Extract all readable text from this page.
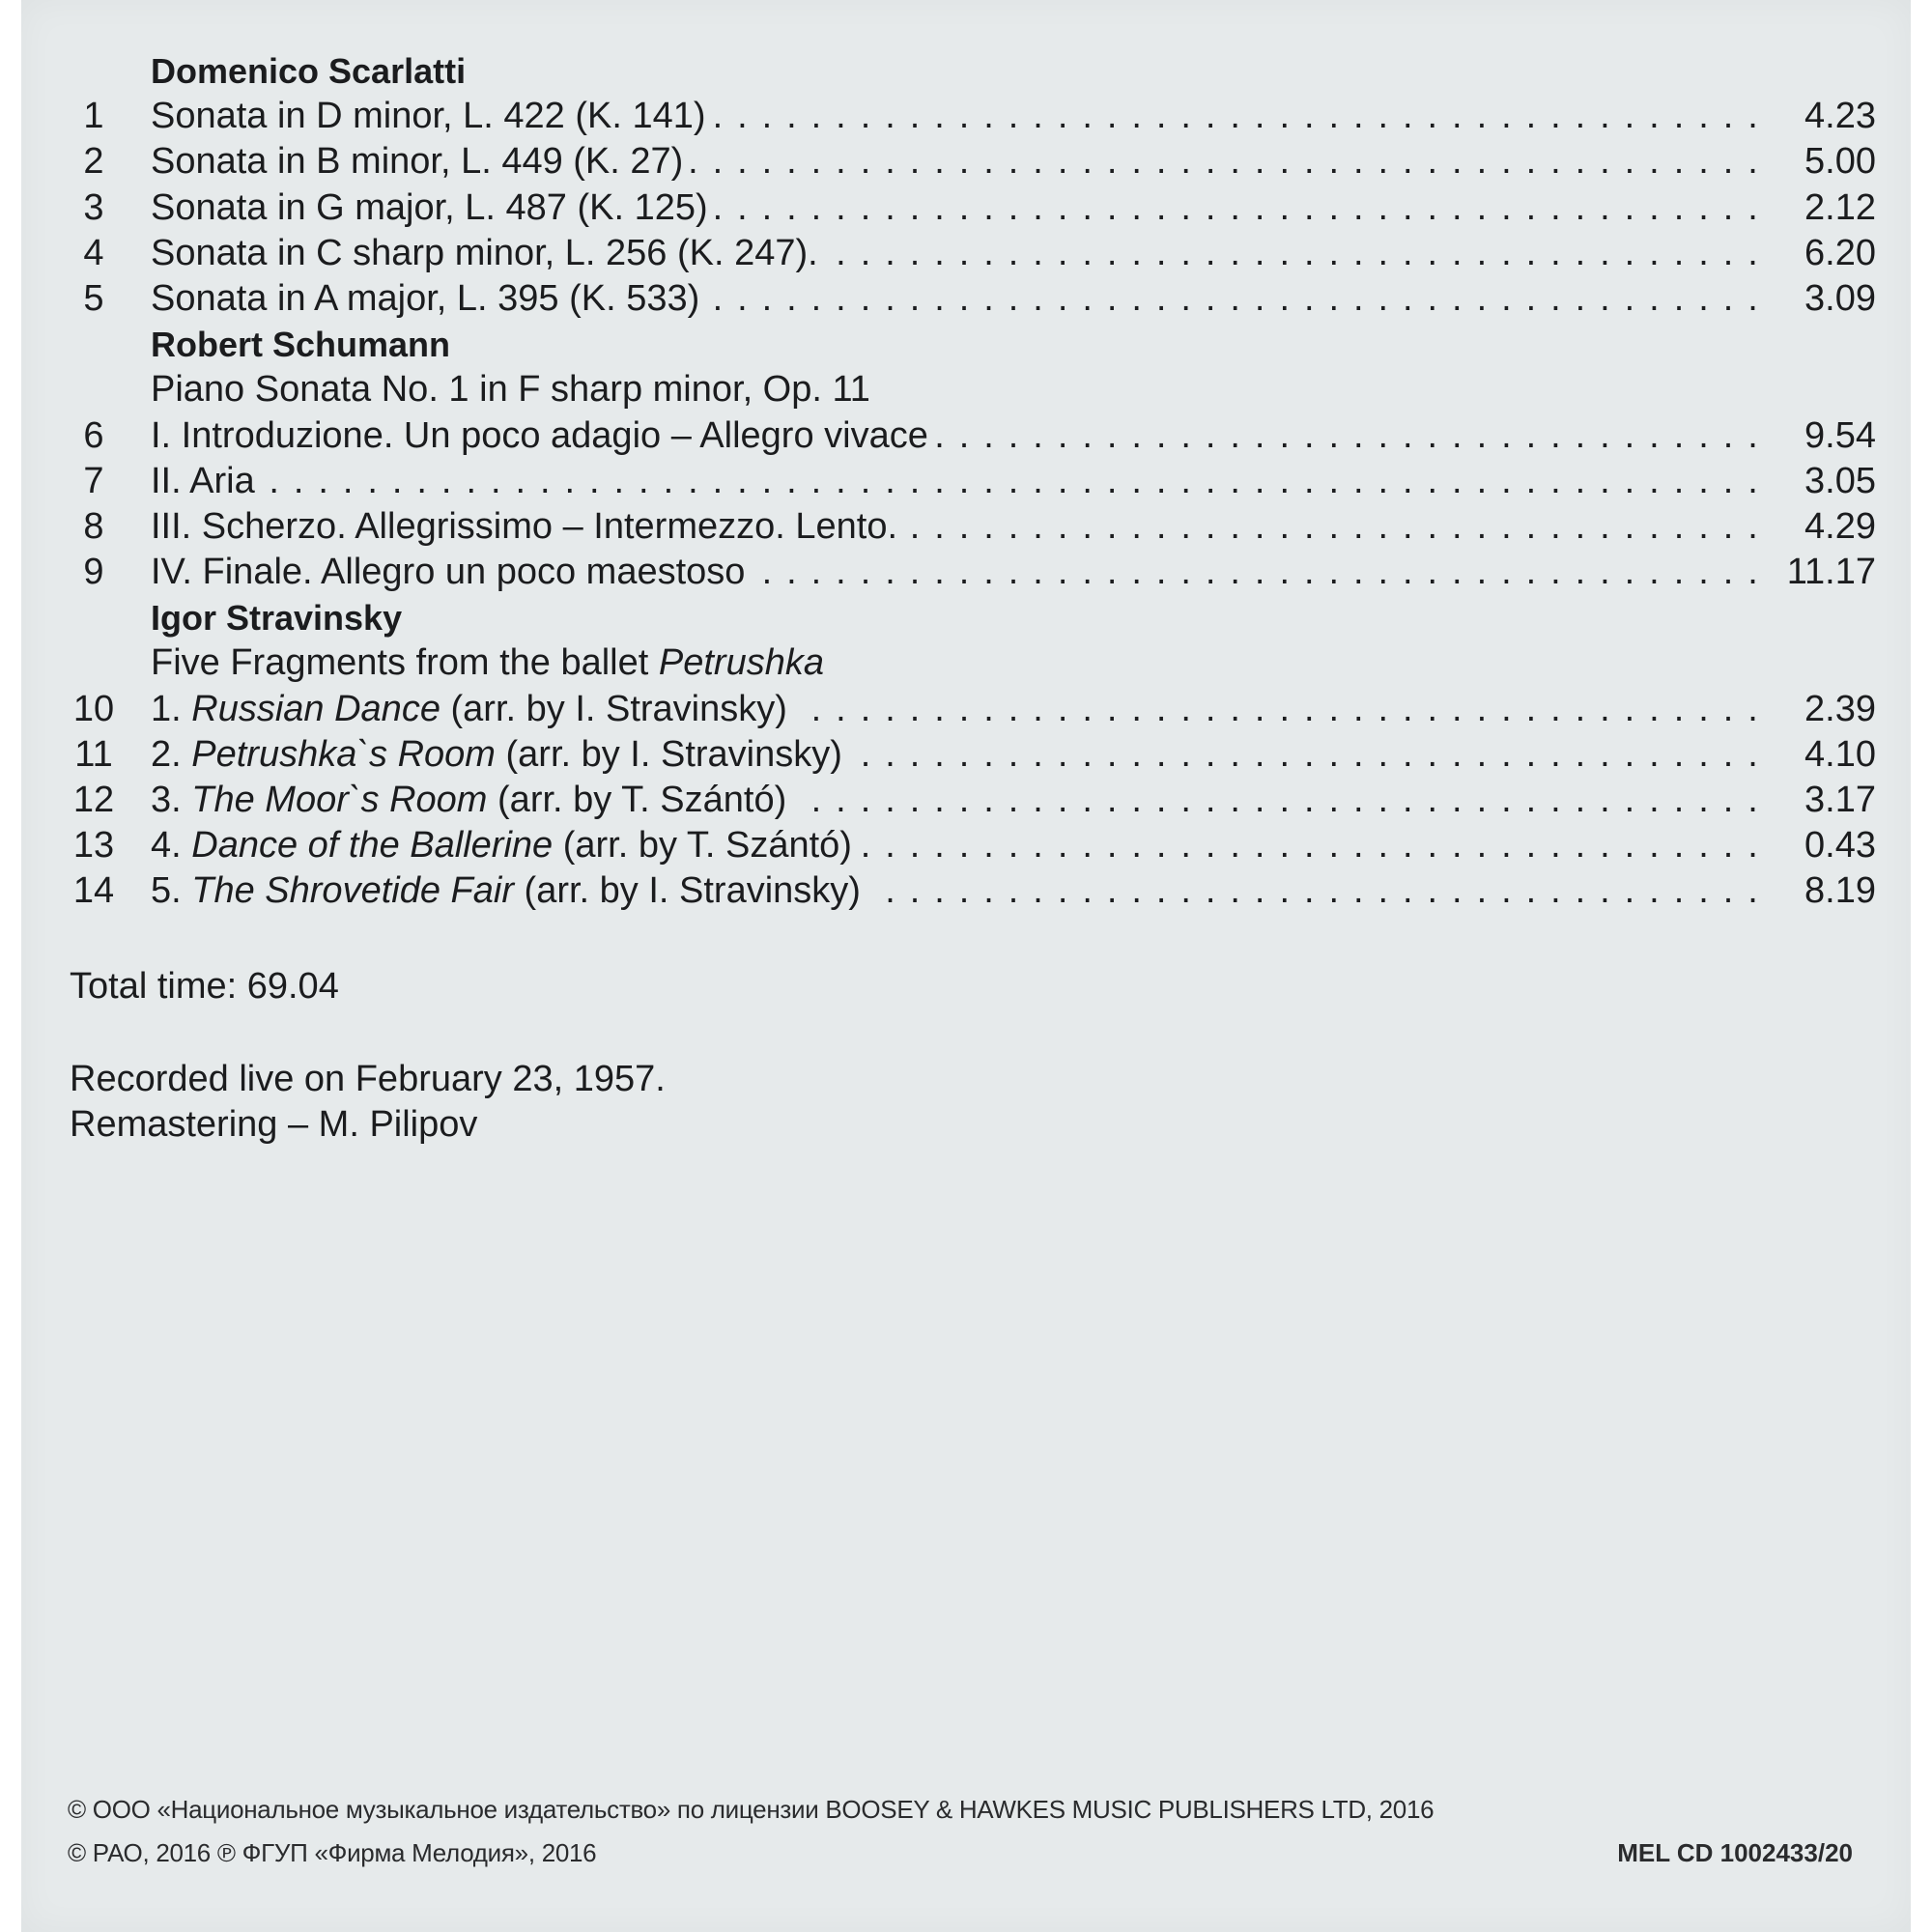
Domenico Scarlatti
1	Sonata in D minor, L. 422 (K. 141) . . .	4.23
2	Sonata in B minor, L. 449 (K. 27) . . .	5.00
3	Sonata in G major, L. 487 (K. 125) . . .	2.12
4	Sonata in C sharp minor, L. 256 (K. 247). . . .	6.20
5	Sonata in A major, L. 395 (K. 533) . . .	3.09
Robert Schumann
Piano Sonata No. 1 in F sharp minor, Op. 11
6	I. Introduzione. Un poco adagio – Allegro vivace . . .	9.54
7	II. Aria . . .	3.05
8	III. Scherzo. Allegrissimo – Intermezzo. Lento. . . .	4.29
9	IV. Finale. Allegro un poco maestoso . . .	11.17
Igor Stravinsky
Five Fragments from the ballet Petrushka
10 1. Russian Dance (arr. by I. Stravinsky) . . .	2.39
11 2. Petrushka`s Room (arr. by I. Stravinsky) . . .	4.10
12 3. The Moor`s Room (arr. by T. Szántó) . . .	3.17
13 4. Dance of the Ballerine (arr. by T. Szántó) . . .	0.43
14 5. The Shrovetide Fair (arr. by I. Stravinsky) . . .	8.19
Total time: 69.04
Recorded live on February 23, 1957.
Remastering – M. Pilipov
© ООО «Национальное музыкальное издательство» по лицензии BOOSEY & HAWKES MUSIC PUBLISHERS LTD, 2016
© РАО, 2016 ℗ ФГУП «Фирма Мелодия», 2016	MEL CD 1002433/20
